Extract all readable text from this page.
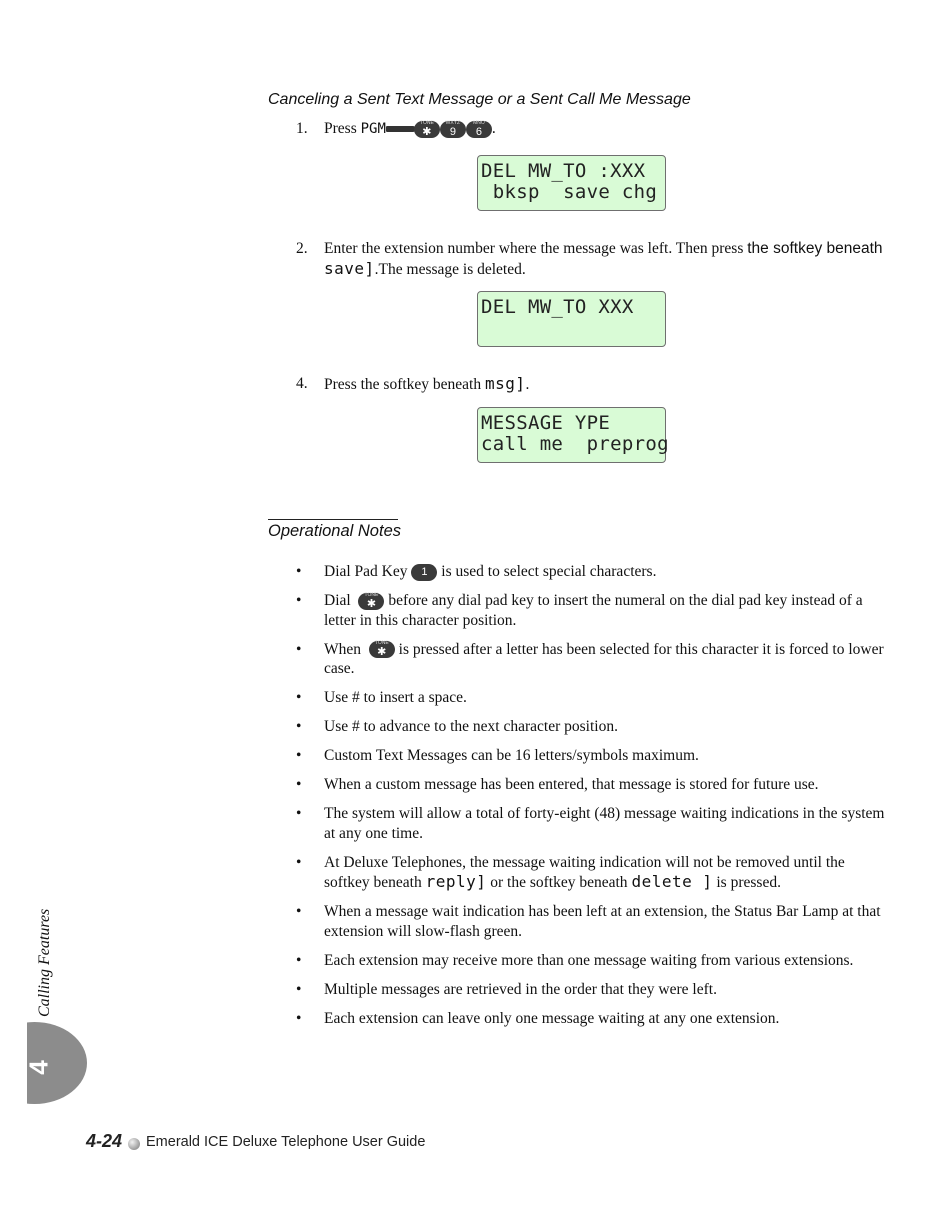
Canceling a Sent Text Message or a Sent Call Me Message
1. Press PGM	TONE
✱
WXYZ
9
MNO
6 .
DEL MW_TO :XXX
bksp  save chg
2. Enter the extension number where the message was left. Then press the softkey beneath save].The message is deleted.
DEL MW_TO XXX
4. Press the softkey beneath msg].
MESSAGE YPE
call me  preprog
Operational Notes
• Dial Pad Key 1 is used to select special characters.
• Dial	TONE
✱ before any dial pad key to insert the numeral on the dial pad key instead of a letter in this character position.
• When	TONE
✱ is pressed after a letter has been selected for this character it is forced to lower case.
• Use # to insert a space.
• Use # to advance to the next character position.
• Custom Text Messages can be 16 letters/symbols maximum.
• When a custom message has been entered, that message is stored for future use.
• The system will allow a total of forty-eight (48) message waiting indications in the system at any one time.
• At Deluxe Telephones, the message waiting indication will not be removed until the softkey beneath reply] or the softkey beneath delete ] is pressed.
• When a message wait indication has been left at an extension, the Status Bar Lamp at that extension will slow-flash green.
• Each extension may receive more than one message waiting from various extensions.
• Multiple messages are retrieved in the order that they were left.
• Each extension can leave only one message waiting at any one extension.
Calling Features
4
4-24 Emerald ICE Deluxe Telephone User Guide
